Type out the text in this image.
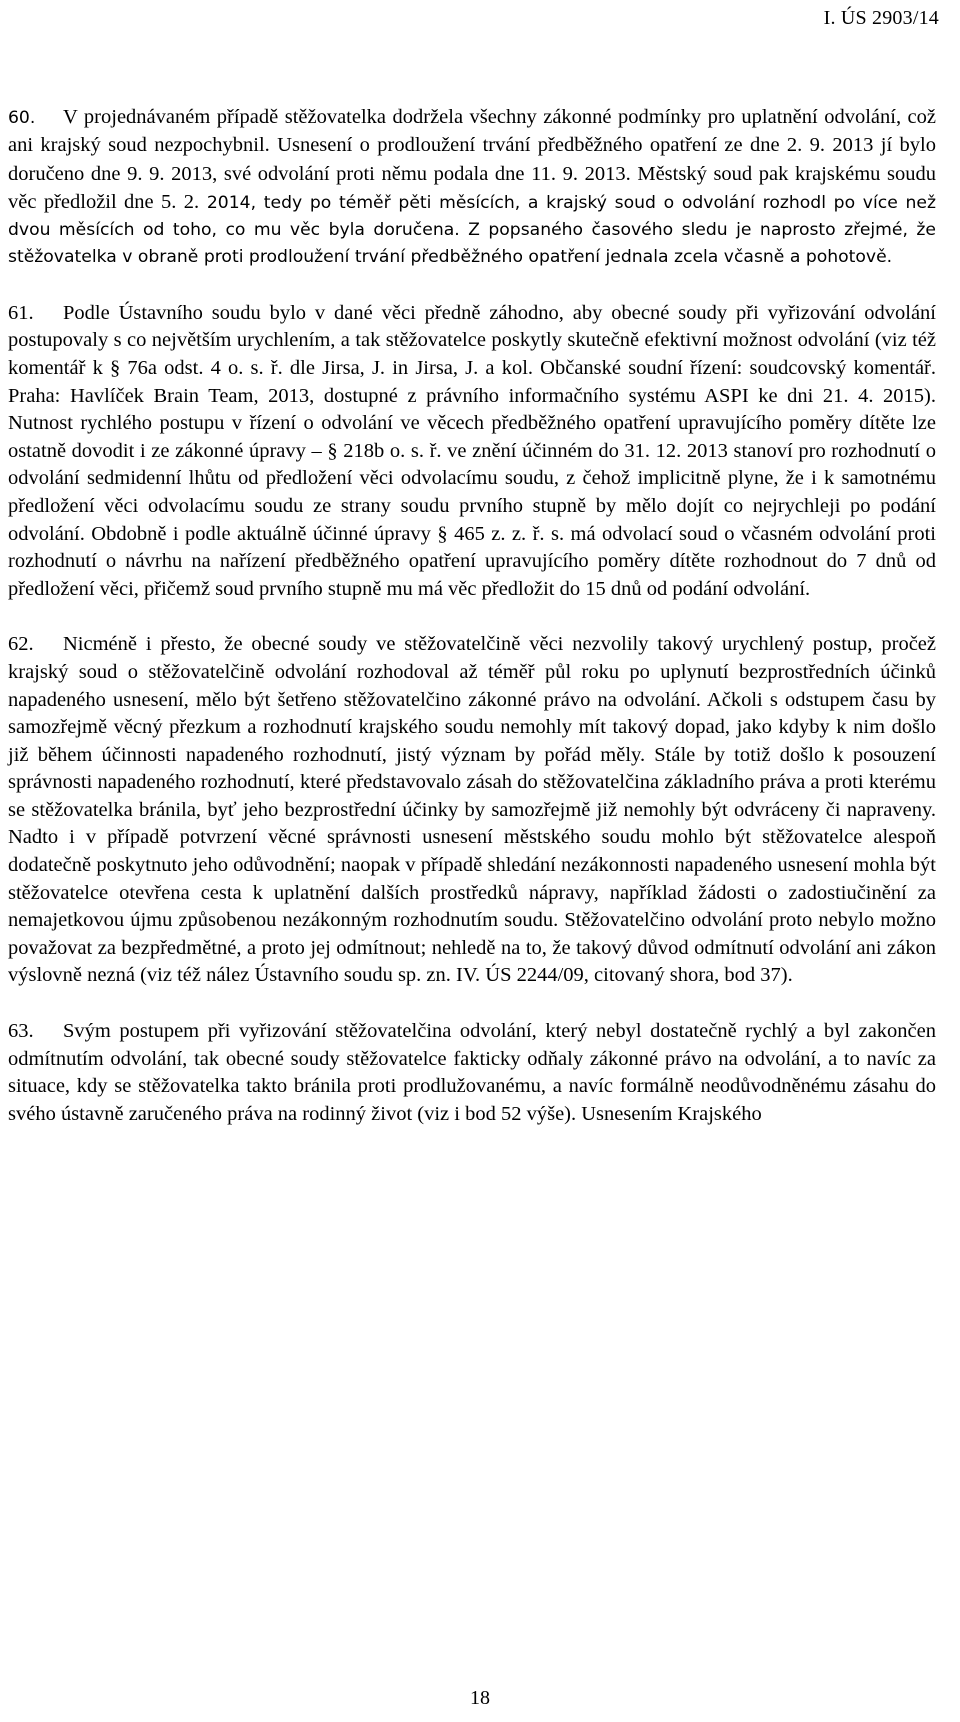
I. ÚS 2903/14

60. V projednávaném případě stěžovatelka dodržela všechny zákonné podmínky pro uplatnění odvolání, což ani krajský soud nezpochybnil. Usnesení o prodloužení trvání předběžného opatření ze dne 2. 9. 2013 jí bylo doručeno dne 9. 9. 2013, své odvolání proti němu podala dne 11. 9. 2013. Městský soud pak krajskému soudu věc předložil dne 5. 2. 2014, tedy po téměř pěti měsících, a krajský soud o odvolání rozhodl po více než dvou měsících od toho, co mu věc byla doručena. Z popsaného časového sledu je naprosto zřejmé, že stěžovatelka v obraně proti prodloužení trvání předběžného opatření jednala zcela včasně a pohotově.

61. Podle Ústavního soudu bylo v dané věci předně záhodno, aby obecné soudy při vyřizování odvolání postupovaly s co největším urychlením, a tak stěžovatelce poskytly skutečně efektivní možnost odvolání (viz též komentář k § 76a odst. 4 o. s. ř. dle Jirsa, J. in Jirsa, J. a kol. Občanské soudní řízení: soudcovský komentář. Praha: Havlíček Brain Team, 2013, dostupné z právního informačního systému ASPI ke dni 21. 4. 2015). Nutnost rychlého postupu v řízení o odvolání ve věcech předběžného opatření upravujícího poměry dítěte lze ostatně dovodit i ze zákonné úpravy – § 218b o. s. ř. ve znění účinném do 31. 12. 2013 stanoví pro rozhodnutí o odvolání sedmidenní lhůtu od předložení věci odvolacímu soudu, z čehož implicitně plyne, že i k samotnému předložení věci odvolacímu soudu ze strany soudu prvního stupně by mělo dojít co nejrychleji po podání odvolání. Obdobně i podle aktuálně účinné úpravy § 465 z. z. ř. s. má odvolací soud o včasném odvolání proti rozhodnutí o návrhu na nařízení předběžného opatření upravujícího poměry dítěte rozhodnout do 7 dnů od předložení věci, přičemž soud prvního stupně mu má věc předložit do 15 dnů od podání odvolání.

62. Nicméně i přesto, že obecné soudy ve stěžovatelčině věci nezvolily takový urychlený postup, pročež krajský soud o stěžovatelčině odvolání rozhodoval až téměř půl roku po uplynutí bezprostředních účinků napadeného usnesení, mělo být šetřeno stěžovatelčino zákonné právo na odvolání. Ačkoli s odstupem času by samozřejmě věcný přezkum a rozhodnutí krajského soudu nemohly mít takový dopad, jako kdyby k nim došlo již během účinnosti napadeného rozhodnutí, jistý význam by pořád měly. Stále by totiž došlo k posouzení správnosti napadeného rozhodnutí, které představovalo zásah do stěžovatelčina základního práva a proti kterému se stěžovatelka bránila, byť jeho bezprostřední účinky by samozřejmě již nemohly být odvráceny či napraveny. Nadto i v případě potvrzení věcné správnosti usnesení městského soudu mohlo být stěžovatelce alespoň dodatečně poskytnuto jeho odůvodnění; naopak v případě shledání nezákonnosti napadeného usnesení mohla být stěžovatelce otevřena cesta k uplatnění dalších prostředků nápravy, například žádosti o zadostiučinění za nemajetkovou újmu způsobenou nezákonným rozhodnutím soudu. Stěžovatelčino odvolání proto nebylo možno považovat za bezpředmětné, a proto jej odmítnout; nehledě na to, že takový důvod odmítnutí odvolání ani zákon výslovně nezná (viz též nález Ústavního soudu sp. zn. IV. ÚS 2244/09, citovaný shora, bod 37).

63. Svým postupem při vyřizování stěžovatelčina odvolání, který nebyl dostatečně rychlý a byl zakončen odmítnutím odvolání, tak obecné soudy stěžovatelce fakticky odňaly zákonné právo na odvolání, a to navíc za situace, kdy se stěžovatelka takto bránila proti prodlužovanému, a navíc formálně neodůvodněnému zásahu do svého ústavně zaručeného práva na rodinný život (viz i bod 52 výše). Usnesením Krajského

18
